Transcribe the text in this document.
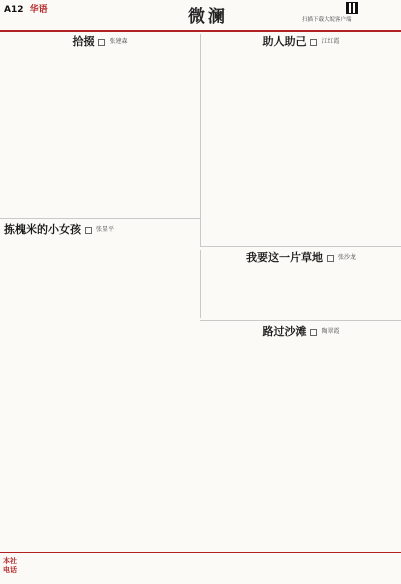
A12 华语	微澜	扫描下载大皖客户端
拾掇	张建森
拣槐米的小女孩	张显平
助人助己	江红霞
我要这一片草地	张沙龙
路过沙滩	陶翠霞
本社电话
